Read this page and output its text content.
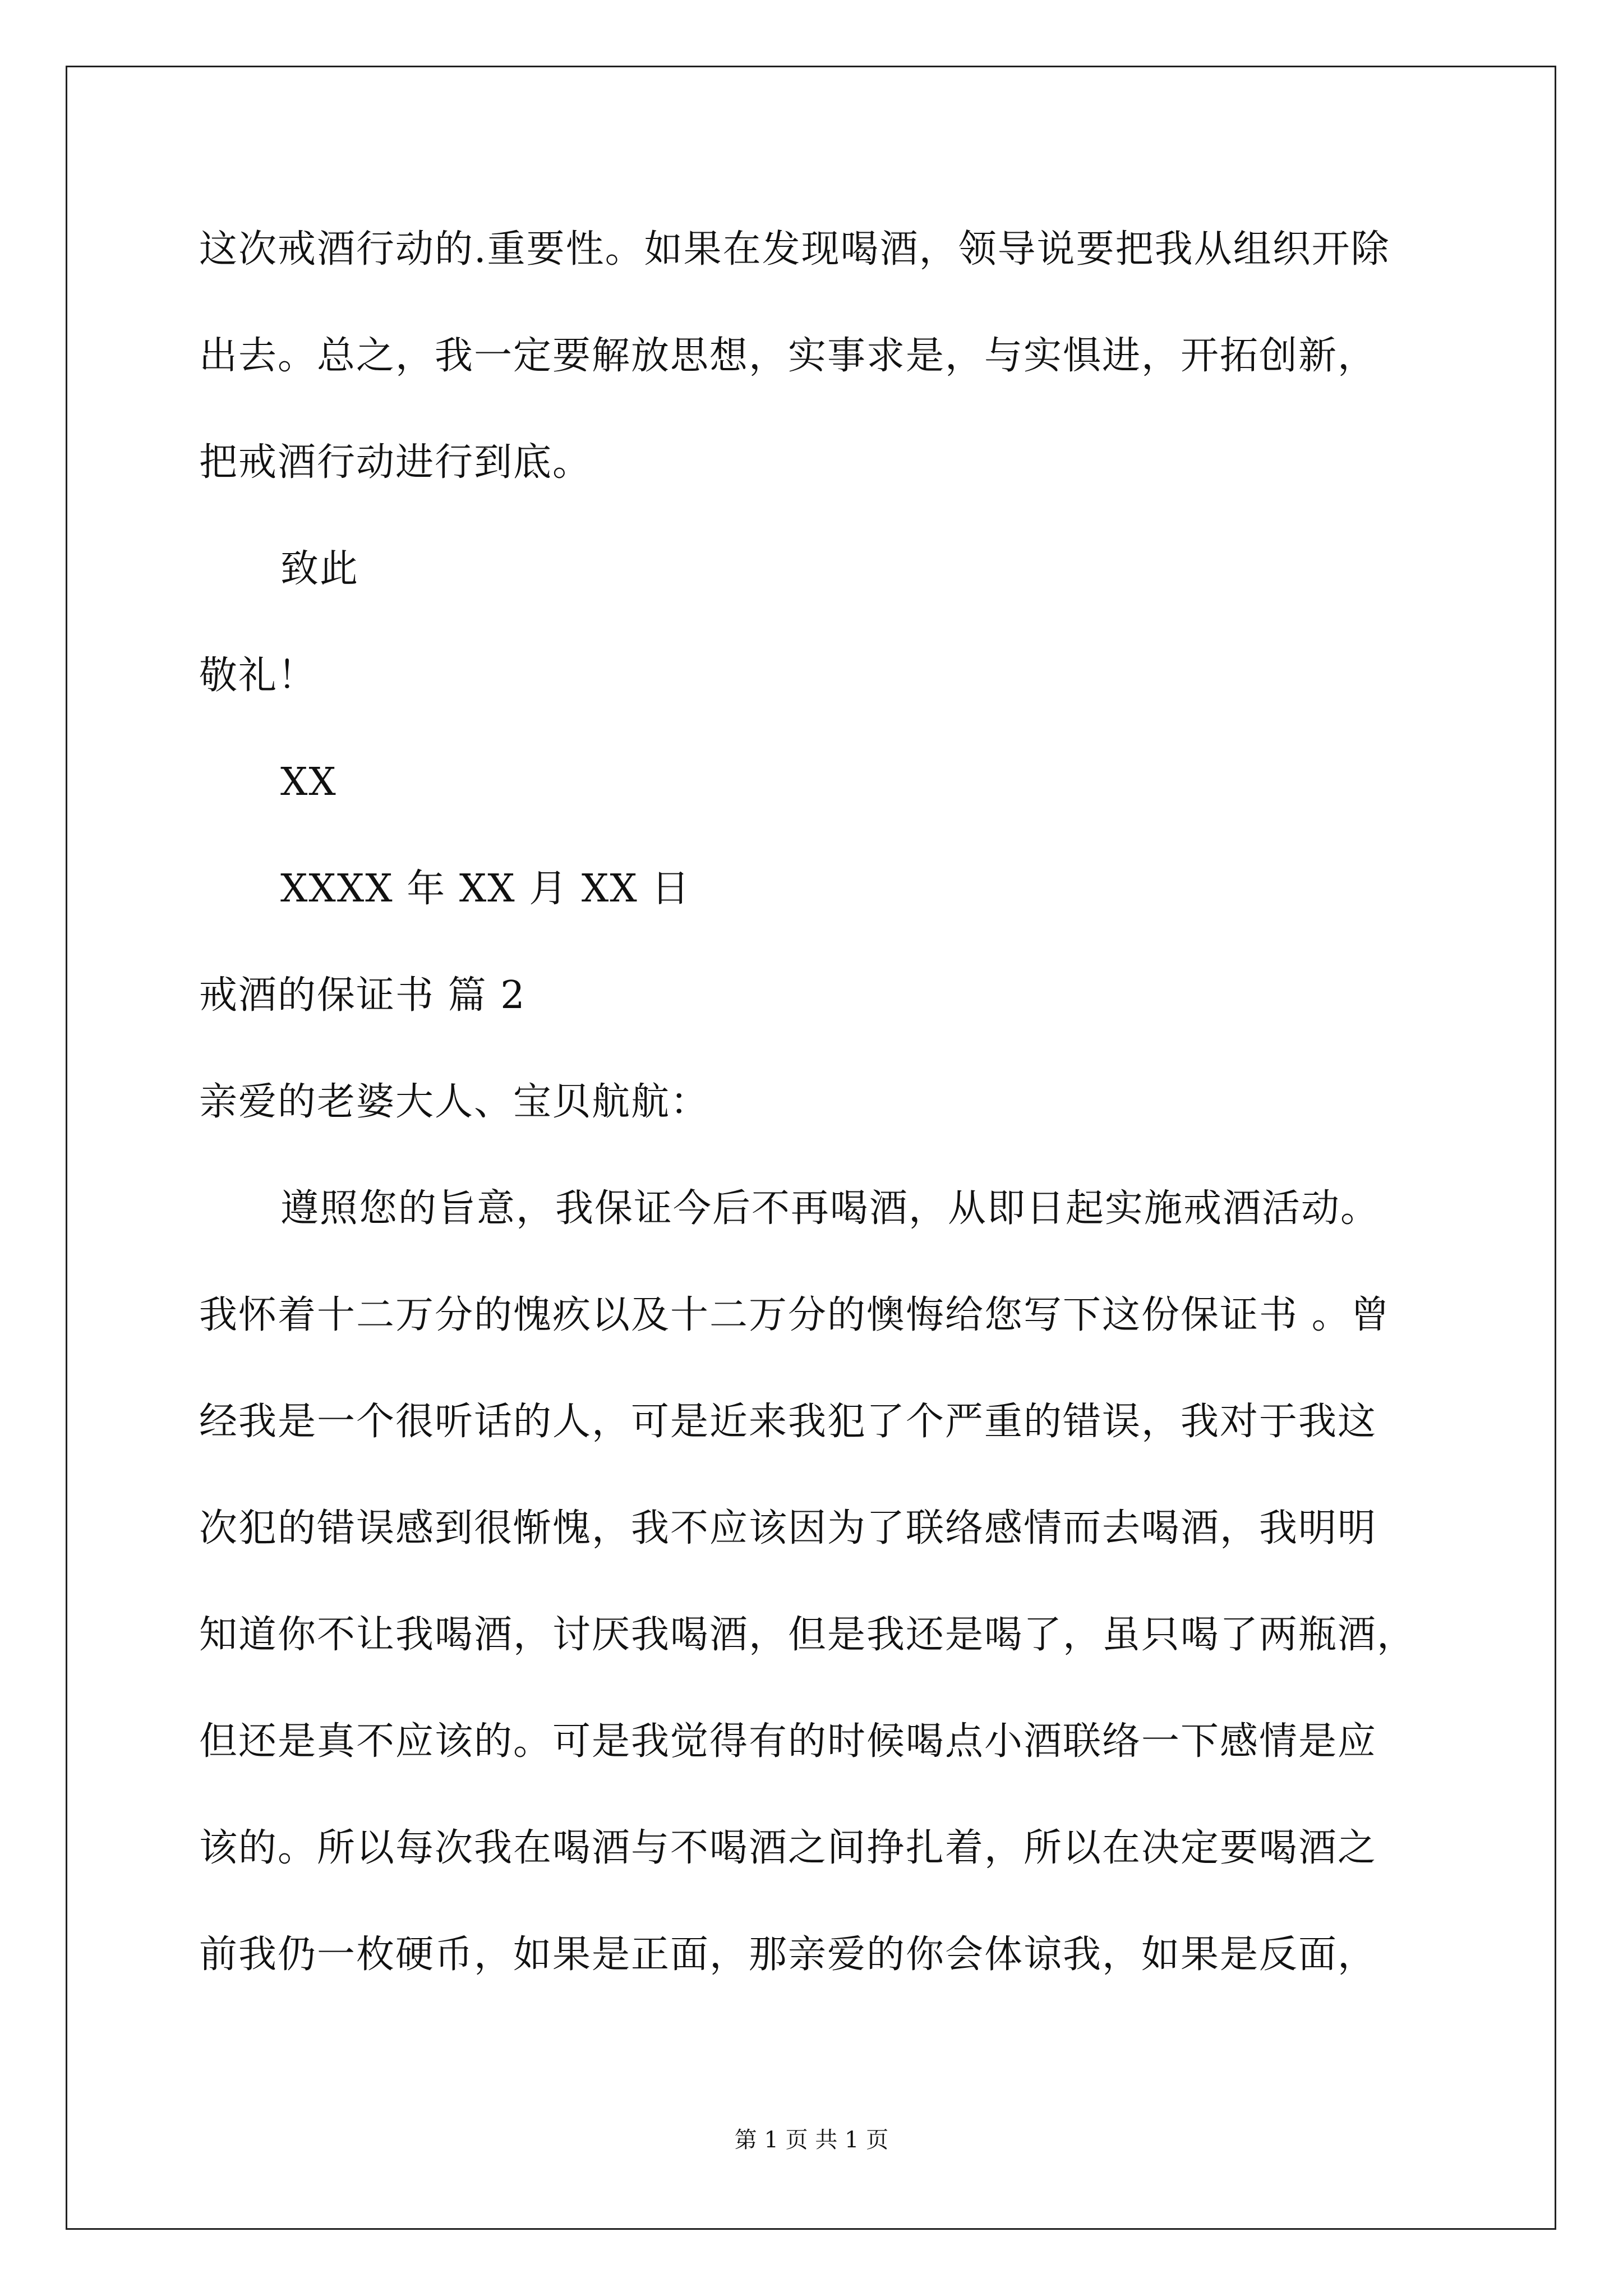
这次戒酒行动的.重要性。如果在发现喝酒，领导说要把我从组织开除
出去。总之，我一定要解放思想，实事求是，与实惧进，开拓创新，
把戒酒行动进行到底。
致此
敬礼！
XX
XXXX 年 XX 月 XX 日
戒酒的保证书 篇 2
亲爱的老婆大人、宝贝航航：
遵照您的旨意，我保证今后不再喝酒，从即日起实施戒酒活动。
我怀着十二万分的愧疚以及十二万分的懊悔给您写下这份保证书 。曾
经我是一个很听话的人，可是近来我犯了个严重的错误，我对于我这
次犯的错误感到很惭愧，我不应该因为了联络感情而去喝酒，我明明
知道你不让我喝酒，讨厌我喝酒，但是我还是喝了，虽只喝了两瓶酒，
但还是真不应该的。可是我觉得有的时候喝点小酒联络一下感情是应
该的。所以每次我在喝酒与不喝酒之间挣扎着，所以在决定要喝酒之
前我仍一枚硬币，如果是正面，那亲爱的你会体谅我，如果是反面，
第 1 页 共 1 页
